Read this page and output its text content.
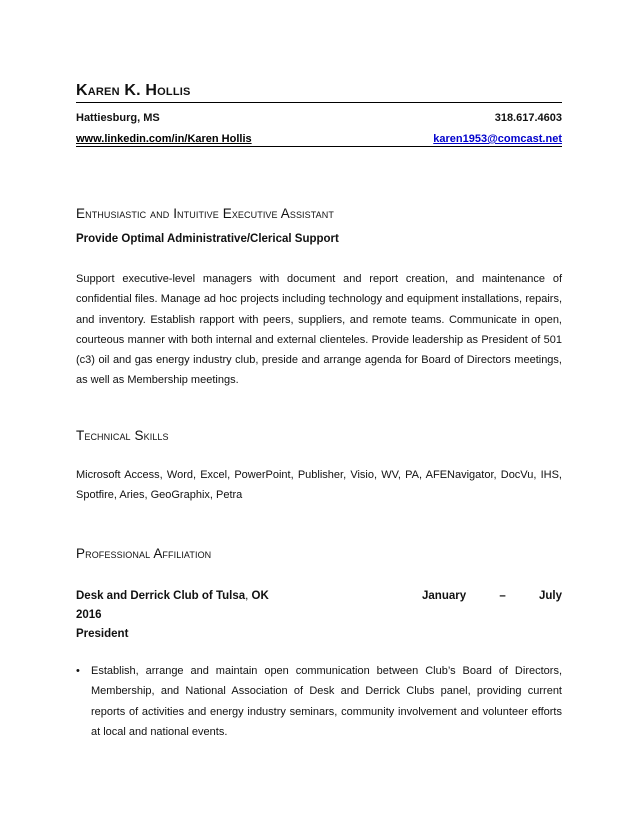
Karen K. Hollis
Hattiesburg, MS	318.617.4603
www.linkedin.com/in/Karen Hollis	karen1953@comcast.net
Enthusiastic and Intuitive Executive Assistant
Provide Optimal Administrative/Clerical Support
Support executive-level managers with document and report creation, and maintenance of confidential files. Manage ad hoc projects including technology and equipment installations, repairs, and inventory. Establish rapport with peers, suppliers, and remote teams. Communicate in open, courteous manner with both internal and external clienteles. Provide leadership as President of 501 (c3) oil and gas energy industry club, preside and arrange agenda for Board of Directors meetings, as well as Membership meetings.
Technical Skills
Microsoft Access, Word, Excel, PowerPoint, Publisher, Visio, WV, PA, AFENavigator, DocVu, IHS, Spotfire, Aries, GeoGraphix, Petra
Professional Affiliation
Desk and Derrick Club of Tulsa, OK	January	–	July
2016
President
• Establish, arrange and maintain open communication between Club’s Board of Directors, Membership, and National Association of Desk and Derrick Clubs panel, providing current reports of activities and energy industry seminars, community involvement and volunteer efforts at local and national events.
